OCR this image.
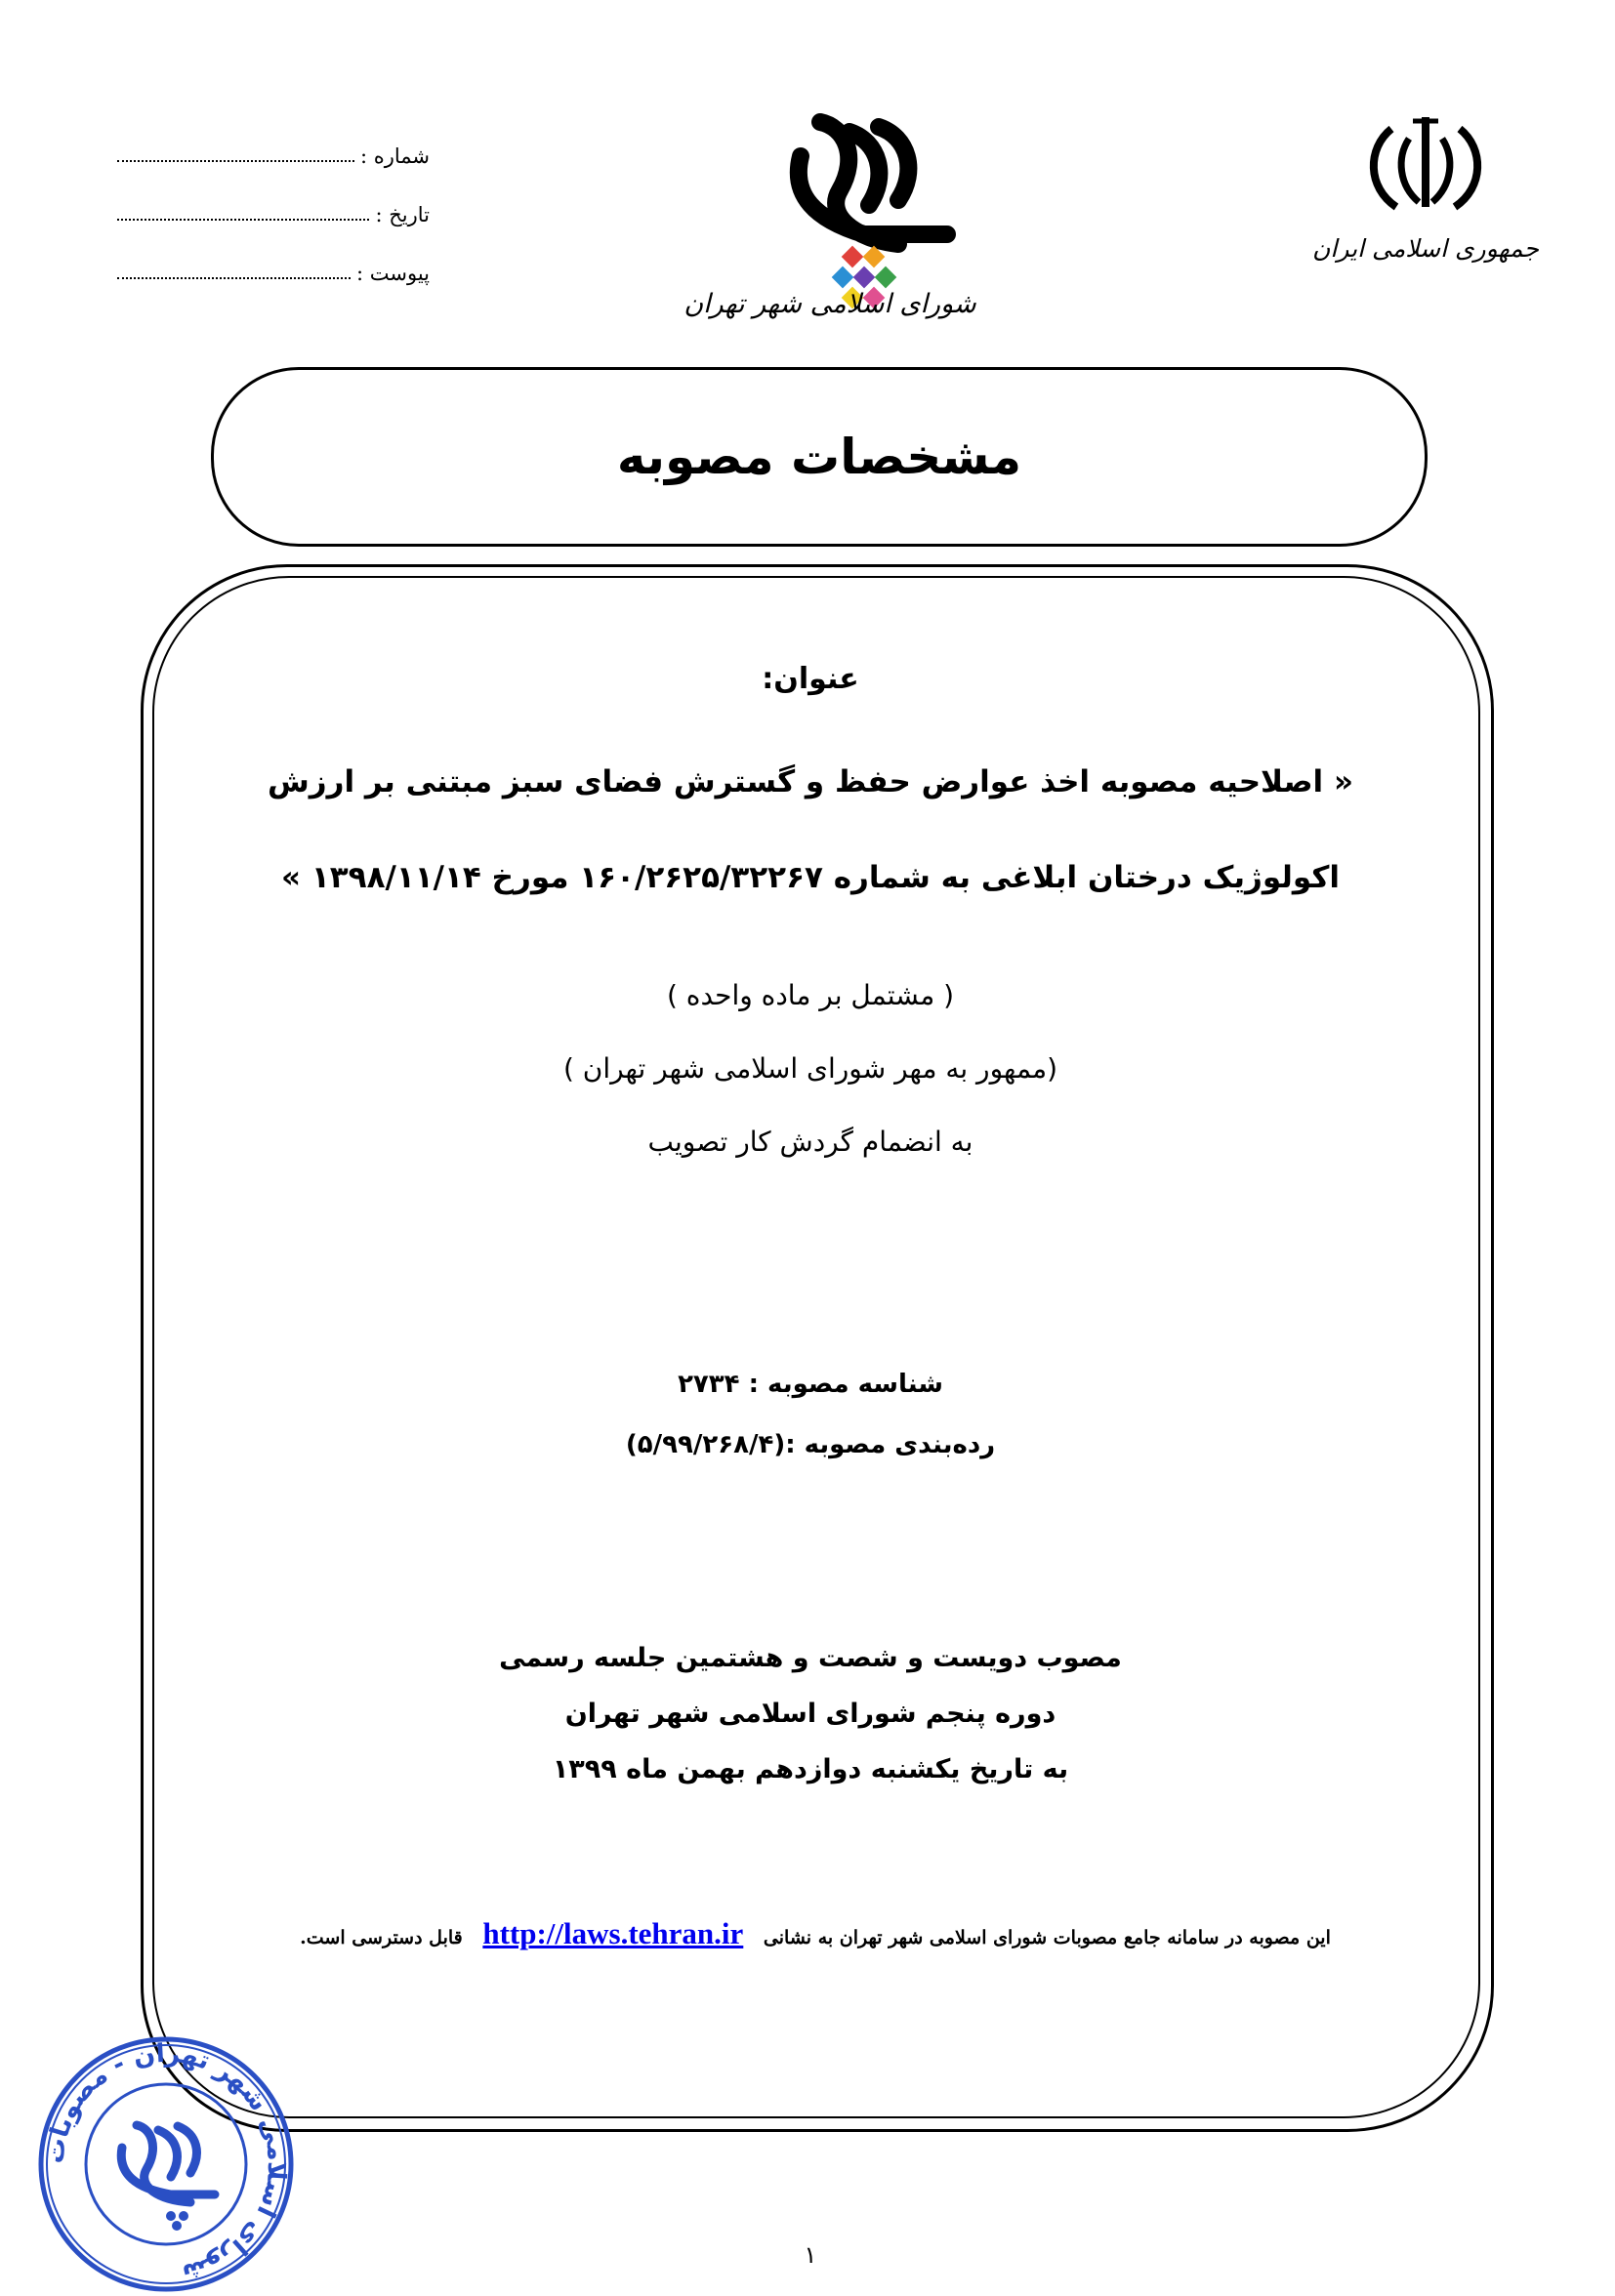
شماره :
تاریخ :
پیوست :
شورای اسلامی شهر تهران
جمهوری اسلامی ایران
مشخصات مصوبه
عنوان:
« اصلاحیه مصوبه اخذ عوارض حفظ و گسترش فضای سبز مبتنی بر ارزش
اکولوژیک درختان ابلاغی به شماره ۱۶۰/۲۶۲۵/۳۲۲۶۷ مورخ ۱۳۹۸/۱۱/۱۴ »
( مشتمل بر ماده واحده )
(ممهور به مهر شورای اسلامی شهر تهران )
به انضمام گردش کار تصویب
شناسه مصوبه : ۲۷۳۴
رده‌بندی مصوبه :(۵/۹۹/۲۶۸/۴)
مصوب دویست و شصت و هشتمین جلسه رسمی
دوره پنجم شورای اسلامی شهر تهران
به تاریخ یکشنبه دوازدهم بهمن ماه ۱۳۹۹
این مصوبه در سامانه جامع مصوبات شورای اسلامی شهر تهران به نشانی http://laws.tehran.ir قابل دسترسی است.
شورای اسلامی شهر تهران - مصوبات	۱
